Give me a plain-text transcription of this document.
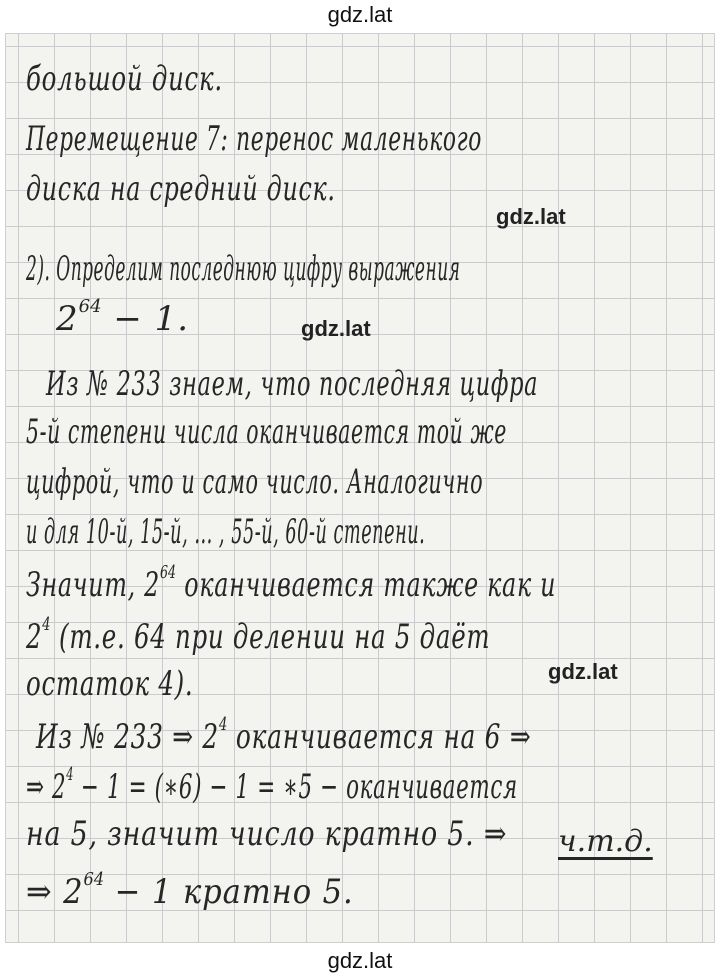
gdz.lat
большой диск.
Перемещение 7: перенос маленького
диска на средний диск.
2). Определим последнюю цифру выражения
$2^{64} - 1$.
Из № 233 знаем, что последняя цифра
5-й степени числа оканчивается той же
цифрой, что и само число. Аналогично
и для 10-й, 15-й, ... , 55-й, 60-й степени.
Значит, $2^{64}$ оканчивается также как и
$2^4$ (т.е. 64 при делении на 5 даёт
остаток 4).
Из № 233 ⇒ $2^4$ оканчивается на 6 ⇒
⇒ $2^4 - 1$ = (∗6) − 1 = ∗5 − оканчивается
на 5, значит число кратно 5. ⇒
⇒ $2^{64} - 1$ кратно 5.
ч.т.д.
gdz.lat
gdz.lat
gdz.lat
gdz.lat
